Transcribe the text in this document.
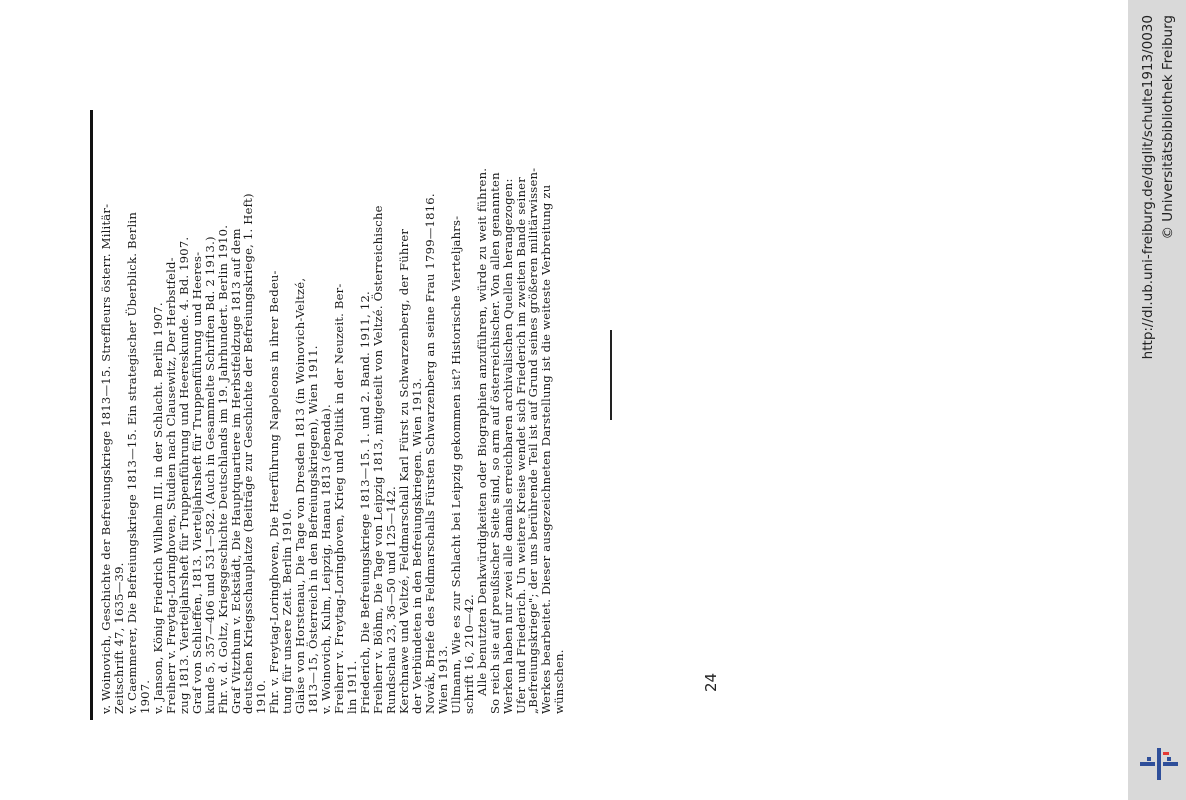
v. Woinovich, Geschichte der Befreiungskriege 1813—15. Streffleurs österr. Militär-
Zeitschrift 47, 1635—39.
v. Caemmerer, Die Befreiungskriege 1813—15. Ein strategischer Überblick. Berlin
1907.
v. Janson, König Friedrich Wilhelm III. in der Schlacht. Berlin 1907.
Freiherr v. Freytag-Loringhoven, Studien nach Clausewitz, Der Herbstfeld-
zug 1813. Vierteljahrsheft für Truppenführung und Heereskunde. 4. Bd. 1907.
Graf von Schlieffen, 1813. Vierteljahrsheft für Truppenführung und Heeres-
kunde 5, 357—406 und 531—582. (Auch in Gesammelte Schriften Bd. 2 1913.)
Fhr. v. d. Goltz, Kriegsgeschichte Deutschlands im 19. Jahrhundert. Berlin 1910.
Graf Vitzthum v. Eckstädt, Die Hauptquartiere im Herbstfeldzuge 1813 auf dem
deutschen Kriegsschauplatze (Beiträge zur Geschichte der Befreiungskriege, 1. Heft)
1910.
Fhr. v. Freytag-Loringhoven, Die Heerführung Napoleons in ihrer Bedeu-
tung für unsere Zeit. Berlin 1910.
Glaise von Horstenau, Die Tage von Dresden 1813 (in Woinovich-Veltzé,
1813—15, Österreich in den Befreiungskriegen), Wien 1911.
v. Woinovich, Kulm, Leipzig, Hanau 1813 (ebenda).
Freiherr v. Freytag-Loringhoven, Krieg und Politik in der Neuzeit. Ber-
lin 1911.
Friederich, Die Befreiungskriege 1813—15. 1. und 2. Band. 1911, 12.
Freiherr v. Böhm, Die Tage von Leipzig 1813, mitgeteilt von Veltzé. Österreichische
Rundschau 23, 36—50 und 125—142.
Kerchnawe und Veltzé, Feldmarschall Karl Fürst zu Schwarzenberg, der Führer
der Verbündeten in den Befreiungskriegen. Wien 1913.
Novák, Briefe des Feldmarschalls Fürsten Schwarzenberg an seine Frau 1799—1816.
Wien 1913.
Ullmann, Wie es zur Schlacht bei Leipzig gekommen ist? Historische Vierteljahrs-
schrift 16, 210—42.
Alle benutzten Denkwürdigkeiten oder Biographien anzuführen, würde zu weit führen.
So reich sie auf preußischer Seite sind, so arm auf österreichischer. Von allen genannten
Werken haben nur zwei alle damals erreichbaren archivalischen Quellen herangezogen:
Ufer und Friederich. Un weitere Kreise wendet sich Friederich im zweiten Bande seiner
„Befreiungskriege"; der uns berührende Teil ist auf Grund seines größeren militärwissen-
Werkes bearbeitet. Dieser ausgezeichneten Darstellung ist die weiteste Verbreitung zu
wünschen.	24
http://dl.ub.uni-freiburg.de/diglit/schulte1913/0030 © Universitätsbibliothek Freiburg
